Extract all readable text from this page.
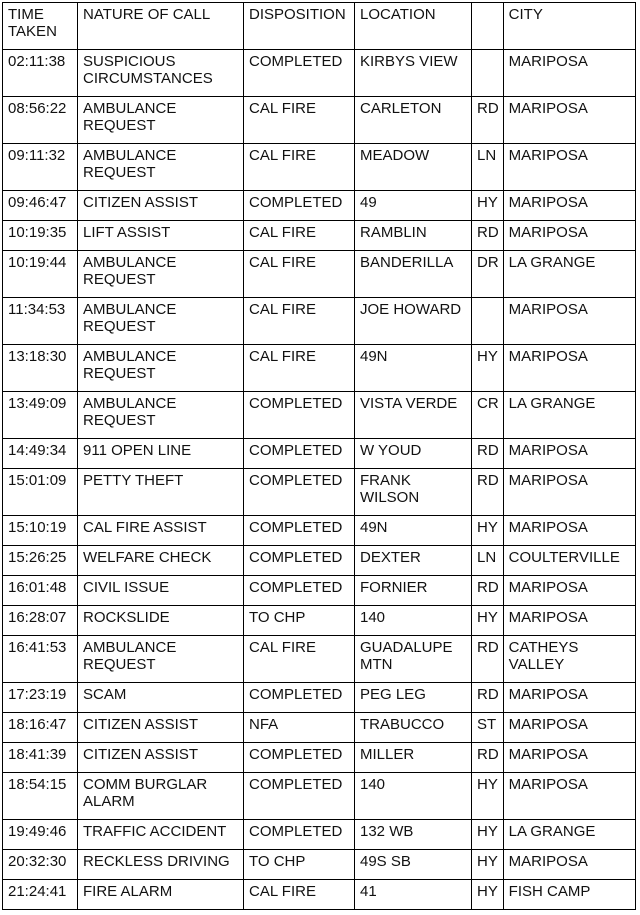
TIME TAKEN	NATURE OF CALL	DISPOSITION	LOCATION		CITY
02:11:38	SUSPICIOUS CIRCUMSTANCES	COMPLETED	KIRBYS VIEW		MARIPOSA
08:56:22	AMBULANCE REQUEST	CAL FIRE	CARLETON	RD	MARIPOSA
09:11:32	AMBULANCE REQUEST	CAL FIRE	MEADOW	LN	MARIPOSA
09:46:47	CITIZEN ASSIST	COMPLETED	49	HY	MARIPOSA
10:19:35	LIFT ASSIST	CAL FIRE	RAMBLIN	RD	MARIPOSA
10:19:44	AMBULANCE REQUEST	CAL FIRE	BANDERILLA	DR	LA GRANGE
11:34:53	AMBULANCE REQUEST	CAL FIRE	JOE HOWARD		MARIPOSA
13:18:30	AMBULANCE REQUEST	CAL FIRE	49N	HY	MARIPOSA
13:49:09	AMBULANCE REQUEST	COMPLETED	VISTA VERDE	CR	LA GRANGE
14:49:34	911 OPEN LINE	COMPLETED	W YOUD	RD	MARIPOSA
15:01:09	PETTY THEFT	COMPLETED	FRANK WILSON	RD	MARIPOSA
15:10:19	CAL FIRE ASSIST	COMPLETED	49N	HY	MARIPOSA
15:26:25	WELFARE CHECK	COMPLETED	DEXTER	LN	COULTERVILLE
16:01:48	CIVIL ISSUE	COMPLETED	FORNIER	RD	MARIPOSA
16:28:07	ROCKSLIDE	TO CHP	140	HY	MARIPOSA
16:41:53	AMBULANCE REQUEST	CAL FIRE	GUADALUPE MTN	RD	CATHEYS VALLEY
17:23:19	SCAM	COMPLETED	PEG LEG	RD	MARIPOSA
18:16:47	CITIZEN ASSIST	NFA	TRABUCCO	ST	MARIPOSA
18:41:39	CITIZEN ASSIST	COMPLETED	MILLER	RD	MARIPOSA
18:54:15	COMM BURGLAR ALARM	COMPLETED	140	HY	MARIPOSA
19:49:46	TRAFFIC ACCIDENT	COMPLETED	132 WB	HY	LA GRANGE
20:32:30	RECKLESS DRIVING	TO CHP	49S SB	HY	MARIPOSA
21:24:41	FIRE ALARM	CAL FIRE	41	HY	FISH CAMP
